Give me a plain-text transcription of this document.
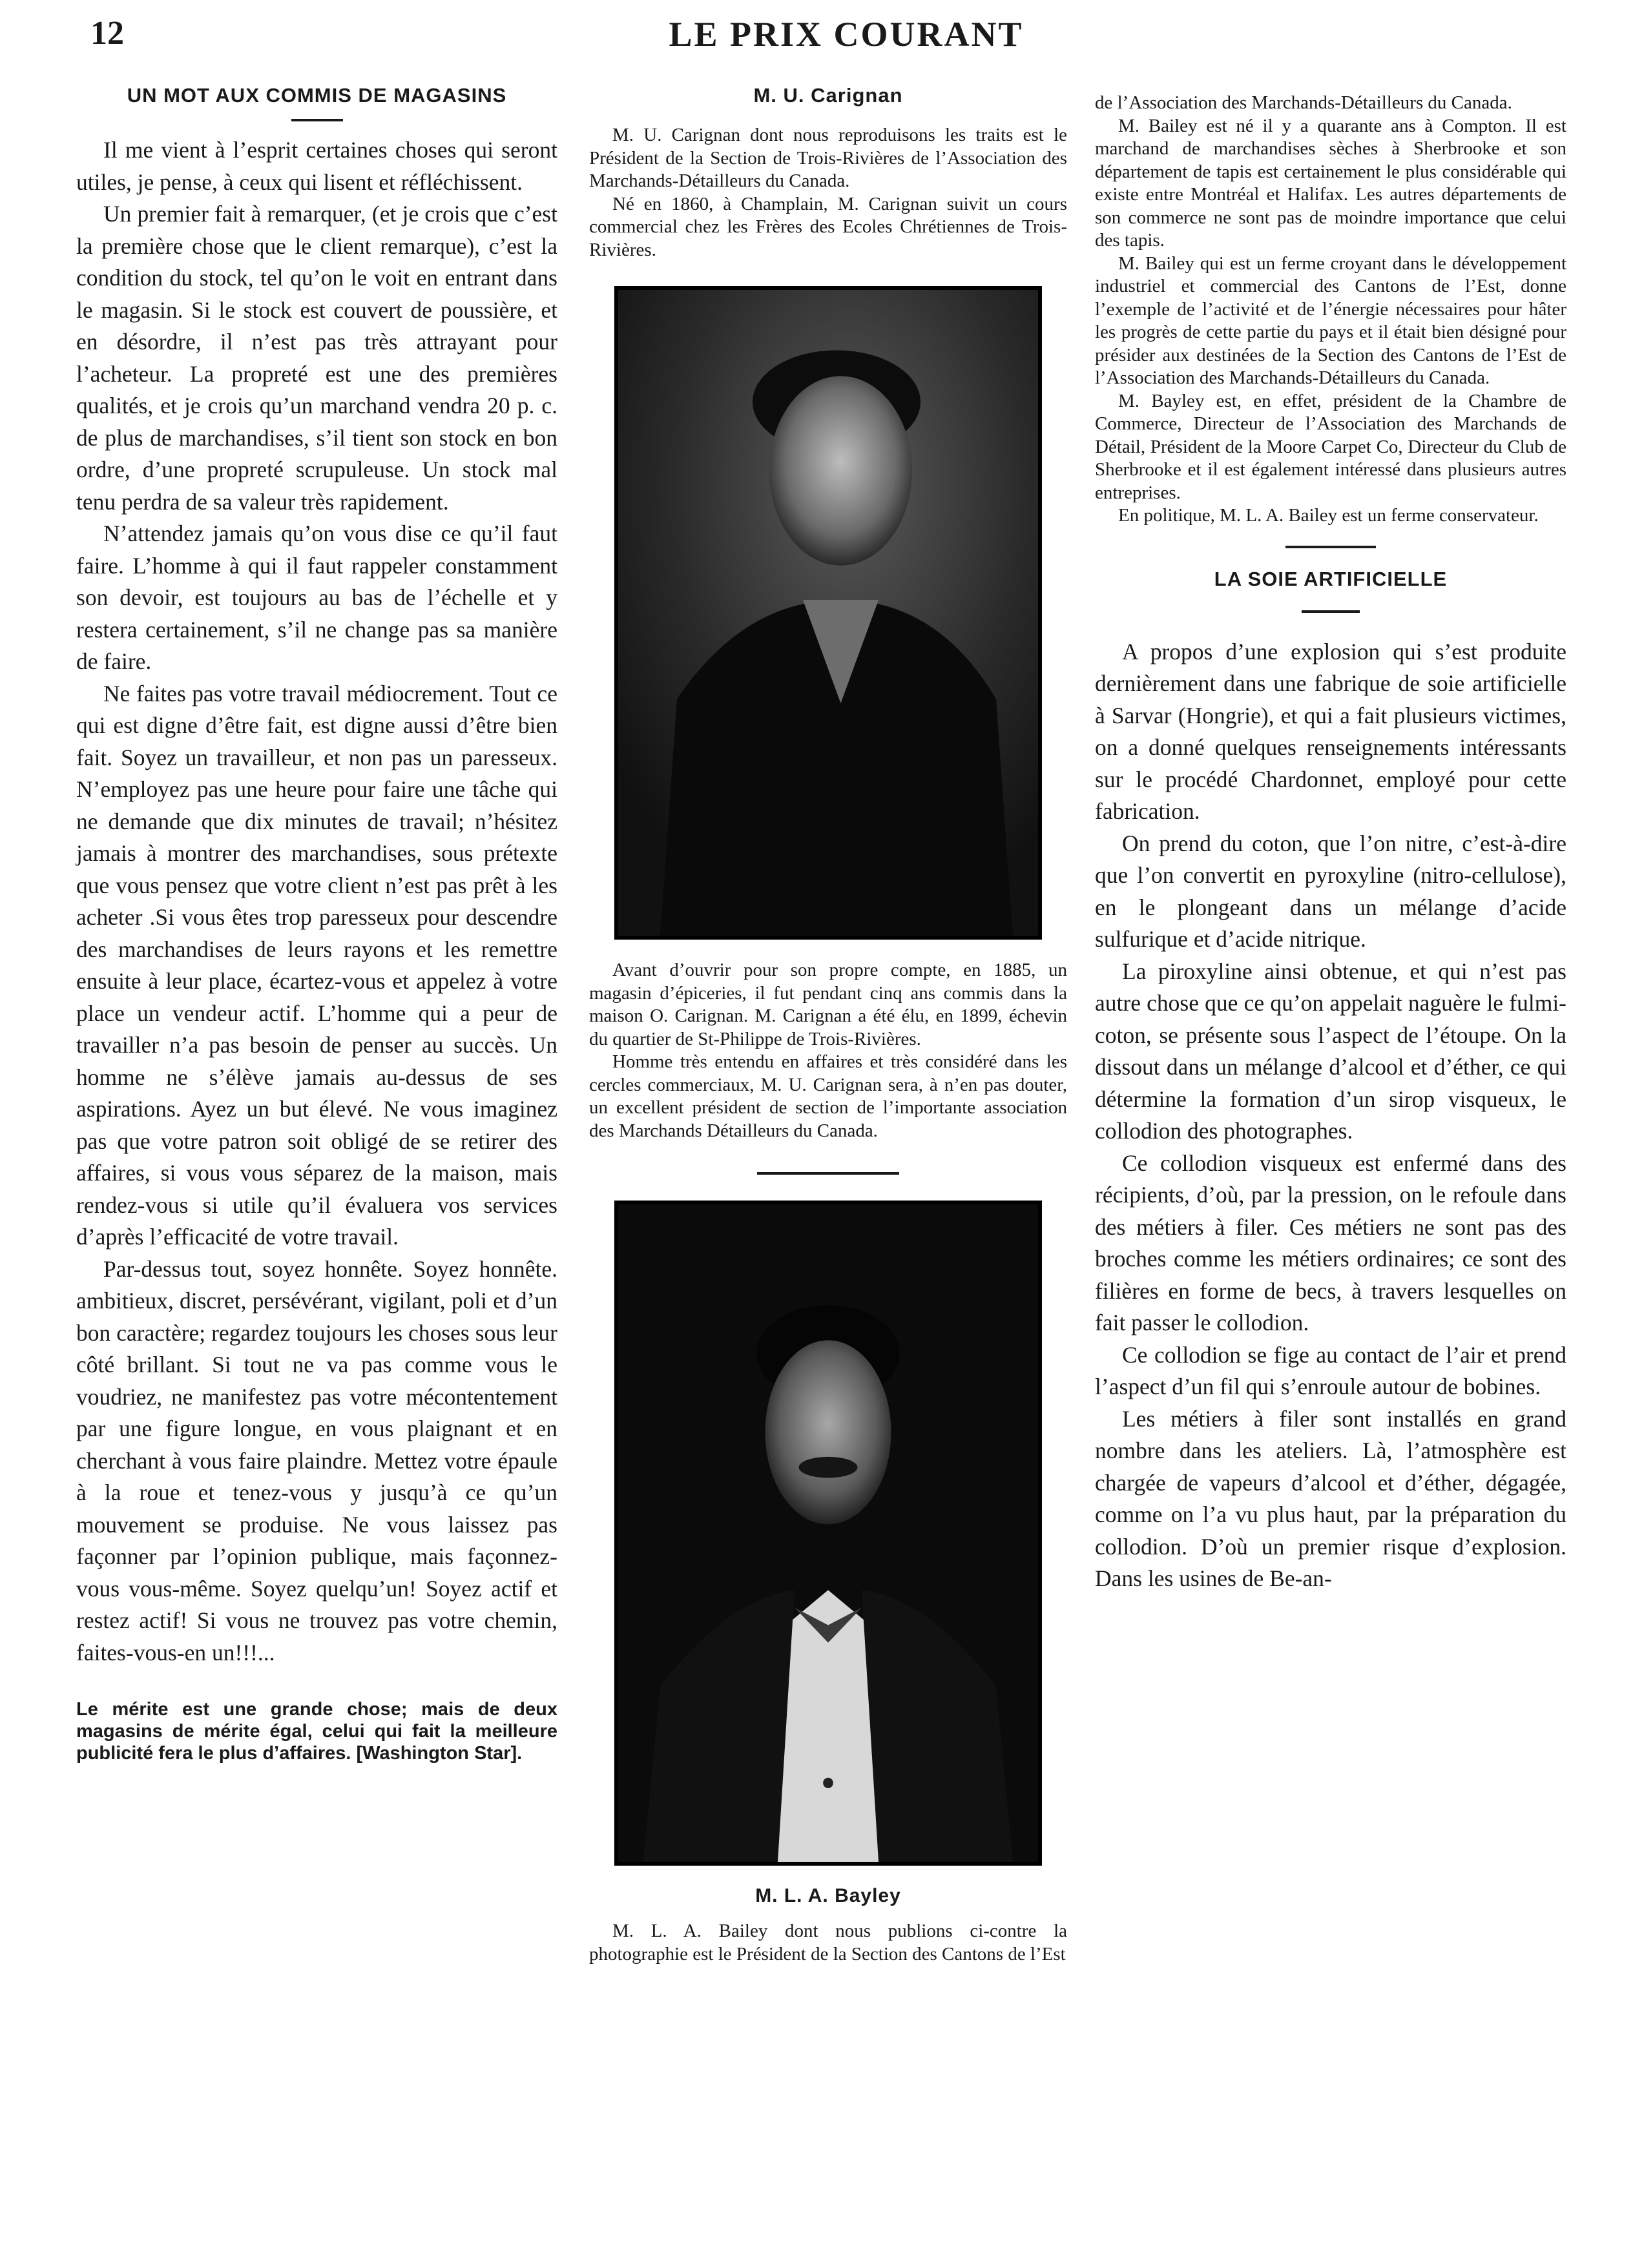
12	LE PRIX COURANT
UN MOT AUX COMMIS DE MAGASINS

Il me vient à l’esprit certaines choses qui seront utiles, je pense, à ceux qui lisent et réfléchissent.

Un premier fait à remarquer, (et je crois que c’est la première chose que le client remarque), c’est la condition du stock, tel qu’on le voit en entrant dans le magasin. Si le stock est couvert de poussière, et en désordre, il n’est pas très attrayant pour l’acheteur. La propreté est une des premières qualités, et je crois qu’un marchand vendra 20 p. c. de plus de marchandises, s’il tient son stock en bon ordre, d’une propreté scrupuleuse. Un stock mal tenu perdra de sa valeur très rapidement.

N’attendez jamais qu’on vous dise ce qu’il faut faire. L’homme à qui il faut rappeler constamment son devoir, est toujours au bas de l’échelle et y restera certainement, s’il ne change pas sa manière de faire.

Ne faites pas votre travail médiocrement. Tout ce qui est digne d’être fait, est digne aussi d’être bien fait. Soyez un travailleur, et non pas un paresseux. N’employez pas une heure pour faire une tâche qui ne demande que dix minutes de travail; n’hésitez jamais à montrer des marchandises, sous prétexte que vous pensez que votre client n’est pas prêt à les acheter .Si vous êtes trop paresseux pour descendre des marchandises de leurs rayons et les remettre ensuite à leur place, écartez-vous et appelez à votre place un vendeur actif. L’homme qui a peur de travailler n’a pas besoin de penser au succès. Un homme ne s’élève jamais au-dessus de ses aspirations. Ayez un but élevé. Ne vous imaginez pas que votre patron soit obligé de se retirer des affaires, si vous vous séparez de la maison, mais rendez-vous si utile qu’il évaluera vos services d’après l’efficacité de votre travail.

Par-dessus tout, soyez honnête. Soyez honnête. ambitieux, discret, persévérant, vigilant, poli et d’un bon caractère; regardez toujours les choses sous leur côté brillant. Si tout ne va pas comme vous le voudriez, ne manifestez pas votre mécontentement par une figure longue, en vous plaignant et en cherchant à vous faire plaindre. Mettez votre épaule à la roue et tenez-vous y jusqu’à ce qu’un mouvement se produise. Ne vous laissez pas façonner par l’opinion publique, mais façonnez-vous vous-même. Soyez quelqu’un! Soyez actif et restez actif! Si vous ne trouvez pas votre chemin, faites-vous-en un!!!...

Le mérite est une grande chose; mais de deux magasins de mérite égal, celui qui fait la meilleure publicité fera le plus d’affaires. [Washington Star].
M. U. Carignan

M. U. Carignan dont nous reproduisons les traits est le Président de la Section de Trois-Rivières de l’Association des Marchands-Détailleurs du Canada.

Né en 1860, à Champlain, M. Carignan suivit un cours commercial chez les Frères des Ecoles Chrétiennes de Trois-Rivières.

Avant d’ouvrir pour son propre compte, en 1885, un magasin d’épiceries, il fut pendant cinq ans commis dans la maison O. Carignan. M. Carignan a été élu, en 1899, échevin du quartier de St-Philippe de Trois-Rivières.

Homme très entendu en affaires et très considéré dans les cercles commerciaux, M. U. Carignan sera, à n’en pas douter, un excellent président de section de l’importante association des Marchands Détailleurs du Canada.

M. L. A. Bayley

M. L. A. Bailey dont nous publions ci-contre la photographie est le Président de la Section des Cantons de l’Est

de l’Association des Marchands-Détailleurs du Canada.

M. Bailey est né il y a quarante ans à Compton. Il est marchand de marchandises sèches à Sherbrooke et son département de tapis est certainement le plus considérable qui existe entre Montréal et Halifax. Les autres départements de son commerce ne sont pas de moindre importance que celui des tapis.

M. Bailey qui est un ferme croyant dans le développement industriel et commercial des Cantons de l’Est, donne l’exemple de l’activité et de l’énergie nécessaires pour hâter les progrès de cette partie du pays et il était bien désigné pour présider aux destinées de la Section des Cantons de l’Est de l’Association des Marchands-Détailleurs du Canada.

M. Bayley est, en effet, président de la Chambre de Commerce, Directeur de l’Association des Marchands de Détail, Président de la Moore Carpet Co, Directeur du Club de Sherbrooke et il est également intéressé dans plusieurs autres entreprises.

En politique, M. L. A. Bailey est un ferme conservateur.

LA SOIE ARTIFICIELLE

A propos d’une explosion qui s’est produite dernièrement dans une fabrique de soie artificielle à Sarvar (Hongrie), et qui a fait plusieurs victimes, on a donné quelques renseignements intéressants sur le procédé Chardonnet, employé pour cette fabrication.

On prend du coton, que l’on nitre, c’est-à-dire que l’on convertit en pyroxyline (nitro-cellulose), en le plongeant dans un mélange d’acide sulfurique et d’acide nitrique.

La piroxyline ainsi obtenue, et qui n’est pas autre chose que ce qu’on appelait naguère le fulmi-coton, se présente sous l’aspect de l’étoupe. On la dissout dans un mélange d’alcool et d’éther, ce qui détermine la formation d’un sirop visqueux, le collodion des photographes.

Ce collodion visqueux est enfermé dans des récipients, d’où, par la pression, on le refoule dans des métiers à filer. Ces métiers ne sont pas des broches comme les métiers ordinaires; ce sont des filières en forme de becs, à travers lesquelles on fait passer le collodion.

Ce collodion se fige au contact de l’air et prend l’aspect d’un fil qui s’enroule autour de bobines.

Les métiers à filer sont installés en grand nombre dans les ateliers. Là, l’atmosphère est chargée de vapeurs d’alcool et d’éther, dégagée, comme on l’a vu plus haut, par la préparation du collodion. D’où un premier risque d’explosion. Dans les usines de Be-an-
